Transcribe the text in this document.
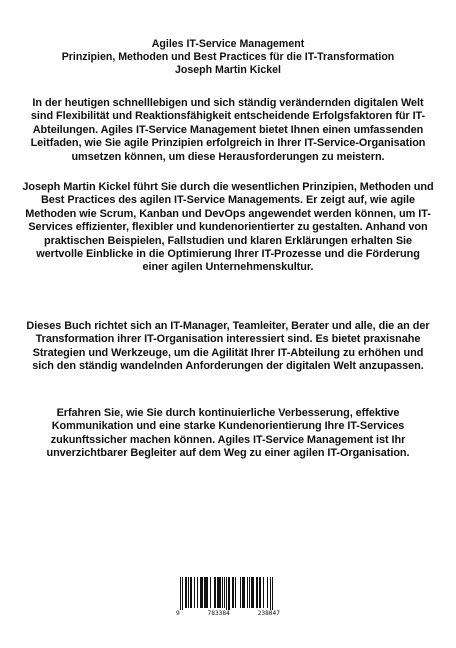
Agiles IT-Service Management
Prinzipien, Methoden und Best Practices für die IT-Transformation
Joseph Martin Kickel
In der heutigen schnelllebigen und sich ständig verändernden digitalen Welt sind Flexibilität und Reaktionsfähigkeit entscheidende Erfolgsfaktoren für IT-Abteilungen. Agiles IT-Service Management bietet Ihnen einen umfassenden Leitfaden, wie Sie agile Prinzipien erfolgreich in Ihrer IT-Service-Organisation umsetzen können, um diese Herausforderungen zu meistern.
Joseph Martin Kickel führt Sie durch die wesentlichen Prinzipien, Methoden und Best Practices des agilen IT-Service Managements. Er zeigt auf, wie agile Methoden wie Scrum, Kanban und DevOps angewendet werden können, um IT-Services effizienter, flexibler und kundenorientierter zu gestalten. Anhand von praktischen Beispielen, Fallstudien und klaren Erklärungen erhalten Sie wertvolle Einblicke in die Optimierung Ihrer IT-Prozesse und die Förderung einer agilen Unternehmenskultur.
Dieses Buch richtet sich an IT-Manager, Teamleiter, Berater und alle, die an der Transformation ihrer IT-Organisation interessiert sind. Es bietet praxisnahe Strategien und Werkzeuge, um die Agilität Ihrer IT-Abteilung zu erhöhen und sich den ständig wandelnden Anforderungen der digitalen Welt anzupassen.
Erfahren Sie, wie Sie durch kontinuierliche Verbesserung, effektive Kommunikation und eine starke Kundenorientierung Ihre IT-Services zukunftssicher machen können. Agiles IT-Service Management ist Ihr unverzichtbarer Begleiter auf dem Weg zu einer agilen IT-Organisation.
9	783384	238047
